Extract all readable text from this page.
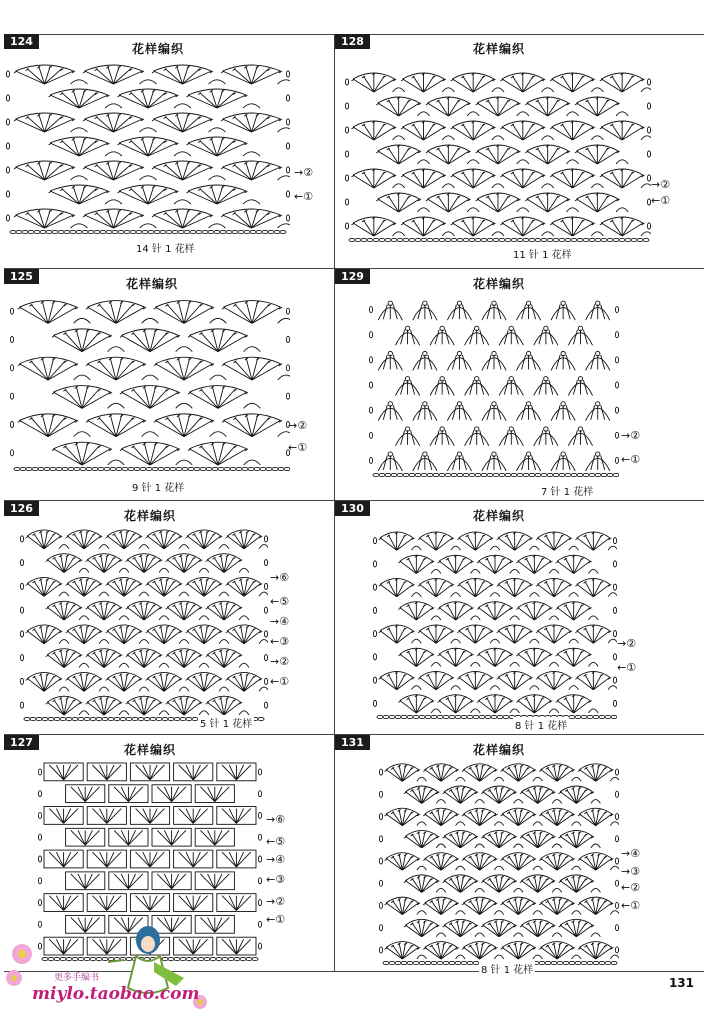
124
花样编织
→②
←①
14 针 1 花样
128
花样编织
→②
←①
11 针 1 花样
125
花样编织
→②
←①
9 针 1 花样
129
花样编织
→②
←①
7 针 1 花样
126
花样编织
→⑥
←⑤
→④
←③
→②
←①
5 针 1 花样
130
花样编织
→②
←①
8 针 1 花样
127
花样编织
→⑥
←⑤
→④
←③
→②
←①
131
花样编织
→④
→③
←②
←①
8 针 1 花样
更多手编书
miylo.taobao.com
131
